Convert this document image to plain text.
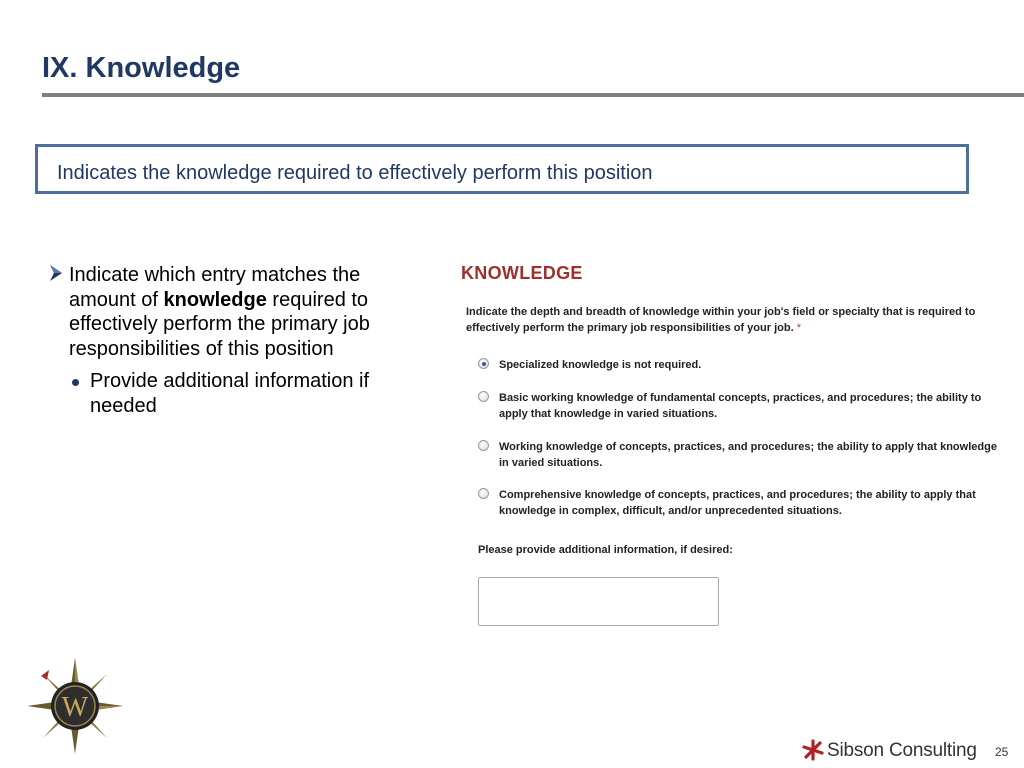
IX. Knowledge
Indicates the knowledge required to effectively perform this position
Indicate which entry matches the amount of knowledge required to effectively perform the primary job responsibilities of this position
Provide additional information if needed
KNOWLEDGE
Indicate the depth and breadth of knowledge within your job's field or specialty that is required to effectively perform the primary job responsibilities of your job. *
Specialized knowledge is not required.
Basic working knowledge of fundamental concepts, practices, and procedures; the ability to apply that knowledge in varied situations.
Working knowledge of concepts, practices, and procedures; the ability to apply that knowledge in varied situations.
Comprehensive knowledge of concepts, practices, and procedures; the ability to apply that knowledge in complex, difficult, and/or unprecedented situations.
Please provide additional information, if desired:
W
Sibson Consulting 25
